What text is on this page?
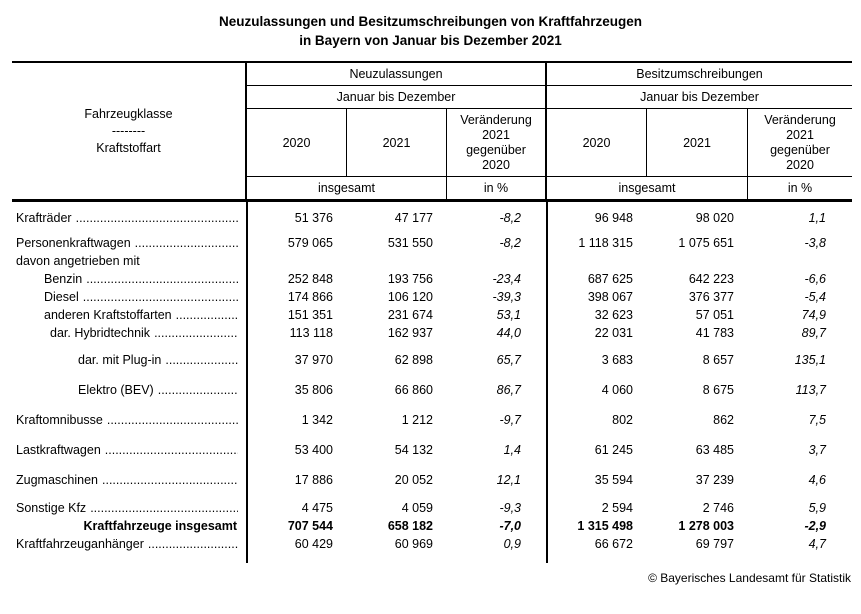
Neuzulassungen und Besitzumschreibungen von Kraftfahrzeugen
in Bayern von Januar bis Dezember 2021
Fahrzeugklasse
--------
Kraftstoffart
Neuzulassungen	Besitzumschreibungen
Januar bis Dezember	Januar bis Dezember
2020	2021
Veränderung 2021 gegenüber 2020
2020	2021
Veränderung 2021 gegenüber 2020
insgesamt	in %	insgesamt	in %
Krafträder .....	51 376	47 177	-8,2	96 948	98 020	1,1
Personenkraftwagen .....	579 065	531 550	-8,2	1 118 315	1 075 651	-3,8
davon angetrieben mit
Benzin .....	252 848	193 756	-23,4	687 625	642 223	-6,6
Diesel .....	174 866	106 120	-39,3	398 067	376 377	-5,4
anderen Kraftstoffarten .....	151 351	231 674	53,1	32 623	57 051	74,9
dar. Hybridtechnik .....	113 118	162 937	44,0	22 031	41 783	89,7
dar. mit Plug-in .....	37 970	62 898	65,7	3 683	8 657	135,1
Elektro (BEV) .....	35 806	66 860	86,7	4 060	8 675	113,7
Kraftomnibusse .....	1 342	1 212	-9,7	802	862	7,5
Lastkraftwagen .....	53 400	54 132	1,4	61 245	63 485	3,7
Zugmaschinen .....	17 886	20 052	12,1	35 594	37 239	4,6
Sonstige Kfz .....	4 475	4 059	-9,3	2 594	2 746	5,9
Kraftfahrzeuge insgesamt	707 544	658 182	-7,0	1 315 498	1 278 003	-2,9
Kraftfahrzeuganhänger .....	60 429	60 969	0,9	66 672	69 797	4,7
© Bayerisches Landesamt für Statistik
